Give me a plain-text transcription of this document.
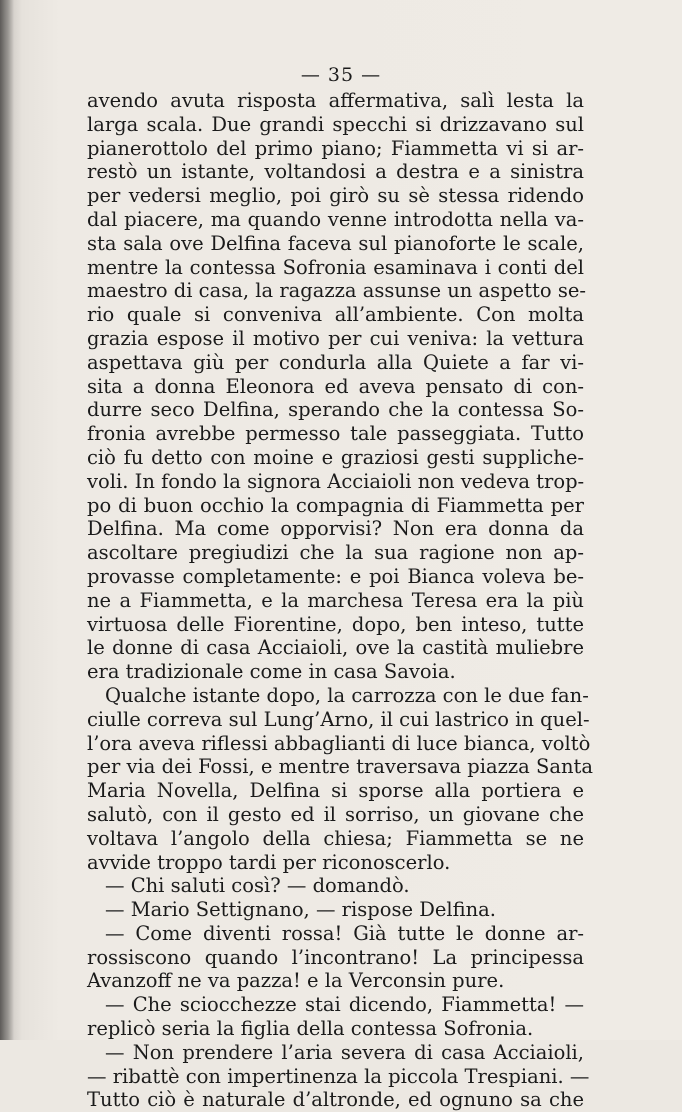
— 35 —
avendo avuta risposta affermativa, salì lesta la
larga scala. Due grandi specchi si drizzavano sul
pianerottolo del primo piano; Fiammetta vi si ar-
restò un istante, voltandosi a destra e a sinistra
per vedersi meglio, poi girò su sè stessa ridendo
dal piacere, ma quando venne introdotta nella va-
sta sala ove Delfina faceva sul pianoforte le scale,
mentre la contessa Sofronia esaminava i conti del
maestro di casa, la ragazza assunse un aspetto se-
rio quale si conveniva all’ambiente. Con molta
grazia espose il motivo per cui veniva: la vettura
aspettava giù per condurla alla Quiete a far vi-
sita a donna Eleonora ed aveva pensato di con-
durre seco Delfina, sperando che la contessa So-
fronia avrebbe permesso tale passeggiata. Tutto
ciò fu detto con moine e graziosi gesti suppliche-
voli. In fondo la signora Acciaioli non vedeva trop-
po di buon occhio la compagnia di Fiammetta per
Delfina. Ma come opporvisi? Non era donna da
ascoltare pregiudizi che la sua ragione non ap-
provasse completamente: e poi Bianca voleva be-
ne a Fiammetta, e la marchesa Teresa era la più
virtuosa delle Fiorentine, dopo, ben inteso, tutte
le donne di casa Acciaioli, ove la castità muliebre
era tradizionale come in casa Savoia.
Qualche istante dopo, la carrozza con le due fan-
ciulle correva sul Lung’Arno, il cui lastrico in quel-
l’ora aveva riflessi abbaglianti di luce bianca, voltò
per via dei Fossi, e mentre traversava piazza Santa
Maria Novella, Delfina si sporse alla portiera e
salutò, con il gesto ed il sorriso, un giovane che
voltava l’angolo della chiesa; Fiammetta se ne
avvide troppo tardi per riconoscerlo.
— Chi saluti così? — domandò.
— Mario Settignano, — rispose Delfina.
— Come diventi rossa! Già tutte le donne ar-
rossiscono quando l’incontrano! La principessa
Avanzoff ne va pazza! e la Verconsin pure.
— Che sciocchezze stai dicendo, Fiammetta! —
replicò seria la figlia della contessa Sofronia.
— Non prendere l’aria severa di casa Acciaioli,
— ribattè con impertinenza la piccola Trespiani. —
Tutto ciò è naturale d’altronde, ed ognuno sa che
